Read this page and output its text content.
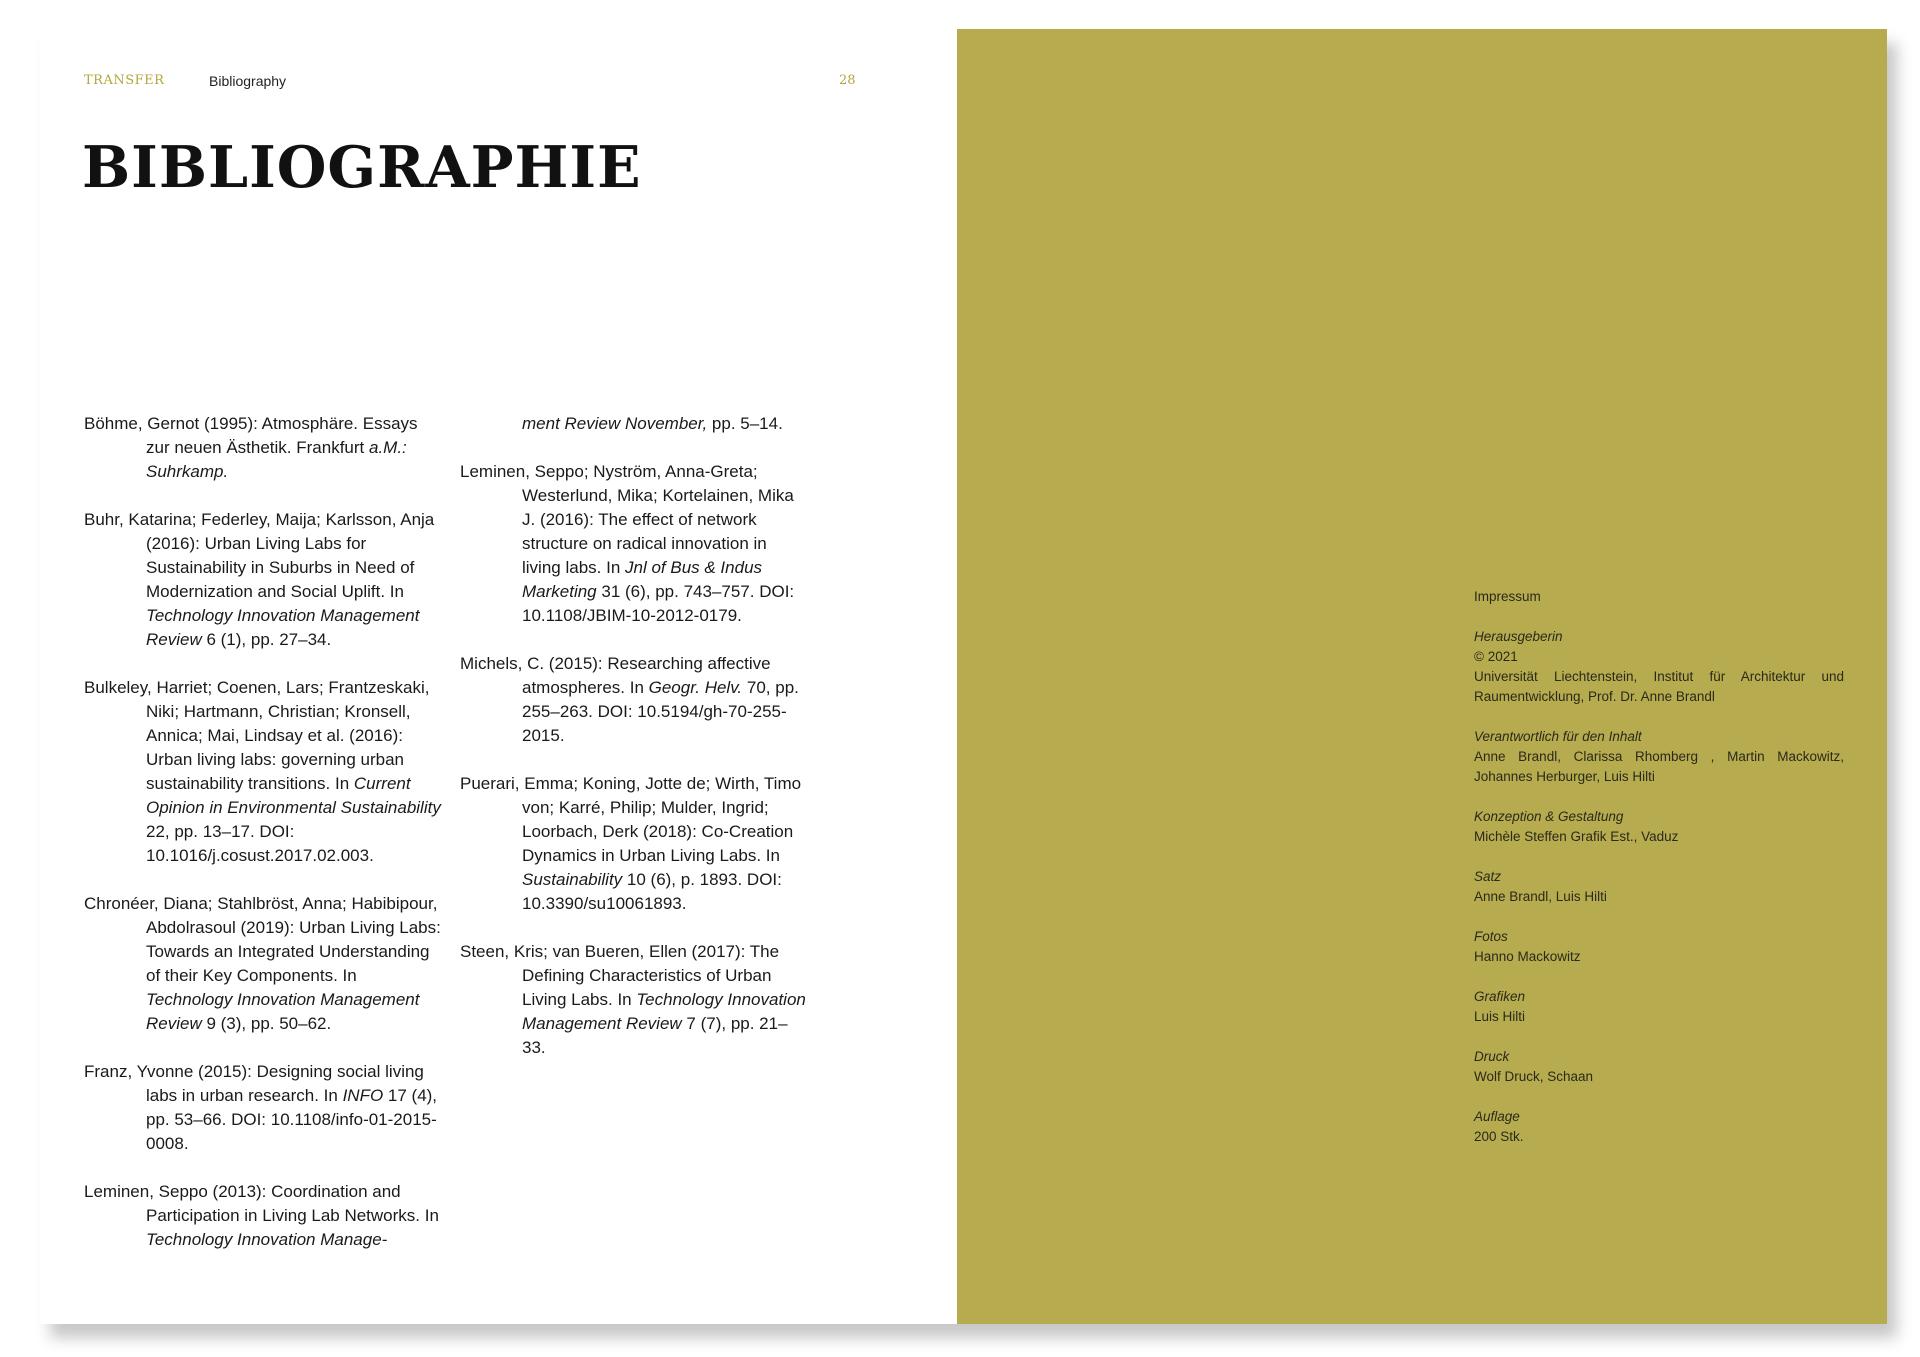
TRANSFER	Bibliography	28
BIBLIOGRAPHIE

Böhme, Gernot (1995): Atmosphäre. Essays zur neuen Ästhetik. Frankfurt a.M.: Suhrkamp.

Buhr, Katarina; Federley, Maija; Karlsson, Anja (2016): Urban Living Labs for Sustainability in Suburbs in Need of Modernization and Social Uplift. In Technology Innovation Management Review 6 (1), pp. 27–34.

Bulkeley, Harriet; Coenen, Lars; Frantzeskaki, Niki; Hartmann, Christian; Kronsell, Annica; Mai, Lindsay et al. (2016): Urban living labs: governing urban sustainability transitions. In Current Opinion in Environmental Sustainability 22, pp. 13–17. DOI: 10.1016/j.cosust.2017.02.003.

Chronéer, Diana; Stahlbröst, Anna; Habibipour, Abdolrasoul (2019): Urban Living Labs: Towards an Integrated Understanding of their Key Components. In Technology Innovation Management Review 9 (3), pp. 50–62.

Franz, Yvonne (2015): Designing social living labs in urban research. In INFO 17 (4), pp. 53–66. DOI: 10.1108/info-01-2015-0008.

Leminen, Seppo (2013): Coordination and Participation in Living Lab Networks. In Technology Innovation Manage-

ment Review November, pp. 5–14.

Leminen, Seppo; Nyström, Anna-Greta; Westerlund, Mika; Kortelainen, Mika J. (2016): The effect of network structure on radical innovation in living labs. In Jnl of Bus & Indus Marketing 31 (6), pp. 743–757. DOI: 10.1108/JBIM-10-2012-0179.

Michels, C. (2015): Researching affective atmospheres. In Geogr. Helv. 70, pp. 255–263. DOI: 10.5194/gh-70-255-2015.

Puerari, Emma; Koning, Jotte de; Wirth, Timo von; Karré, Philip; Mulder, Ingrid; Loorbach, Derk (2018): Co-Creation Dynamics in Urban Living Labs. In Sustainability 10 (6), p. 1893. DOI: 10.3390/su10061893.

Steen, Kris; van Bueren, Ellen (2017): The Defining Characteristics of Urban Living Labs. In Technology Innovation Management Review 7 (7), pp. 21–33.

Impressum
Herausgeberin
© 2021
Universität Liechtenstein, Institut für Architektur und Raumentwicklung, Prof. Dr. Anne Brandl
Verantwortlich für den Inhalt
Anne Brandl, Clarissa Rhomberg , Martin Mackowitz, Johannes Herburger, Luis Hilti
Konzeption & Gestaltung
Michèle Steffen Grafik Est., Vaduz
Satz
Anne Brandl, Luis Hilti
Fotos
Hanno Mackowitz
Grafiken
Luis Hilti
Druck
Wolf Druck, Schaan
Auflage
200 Stk.
